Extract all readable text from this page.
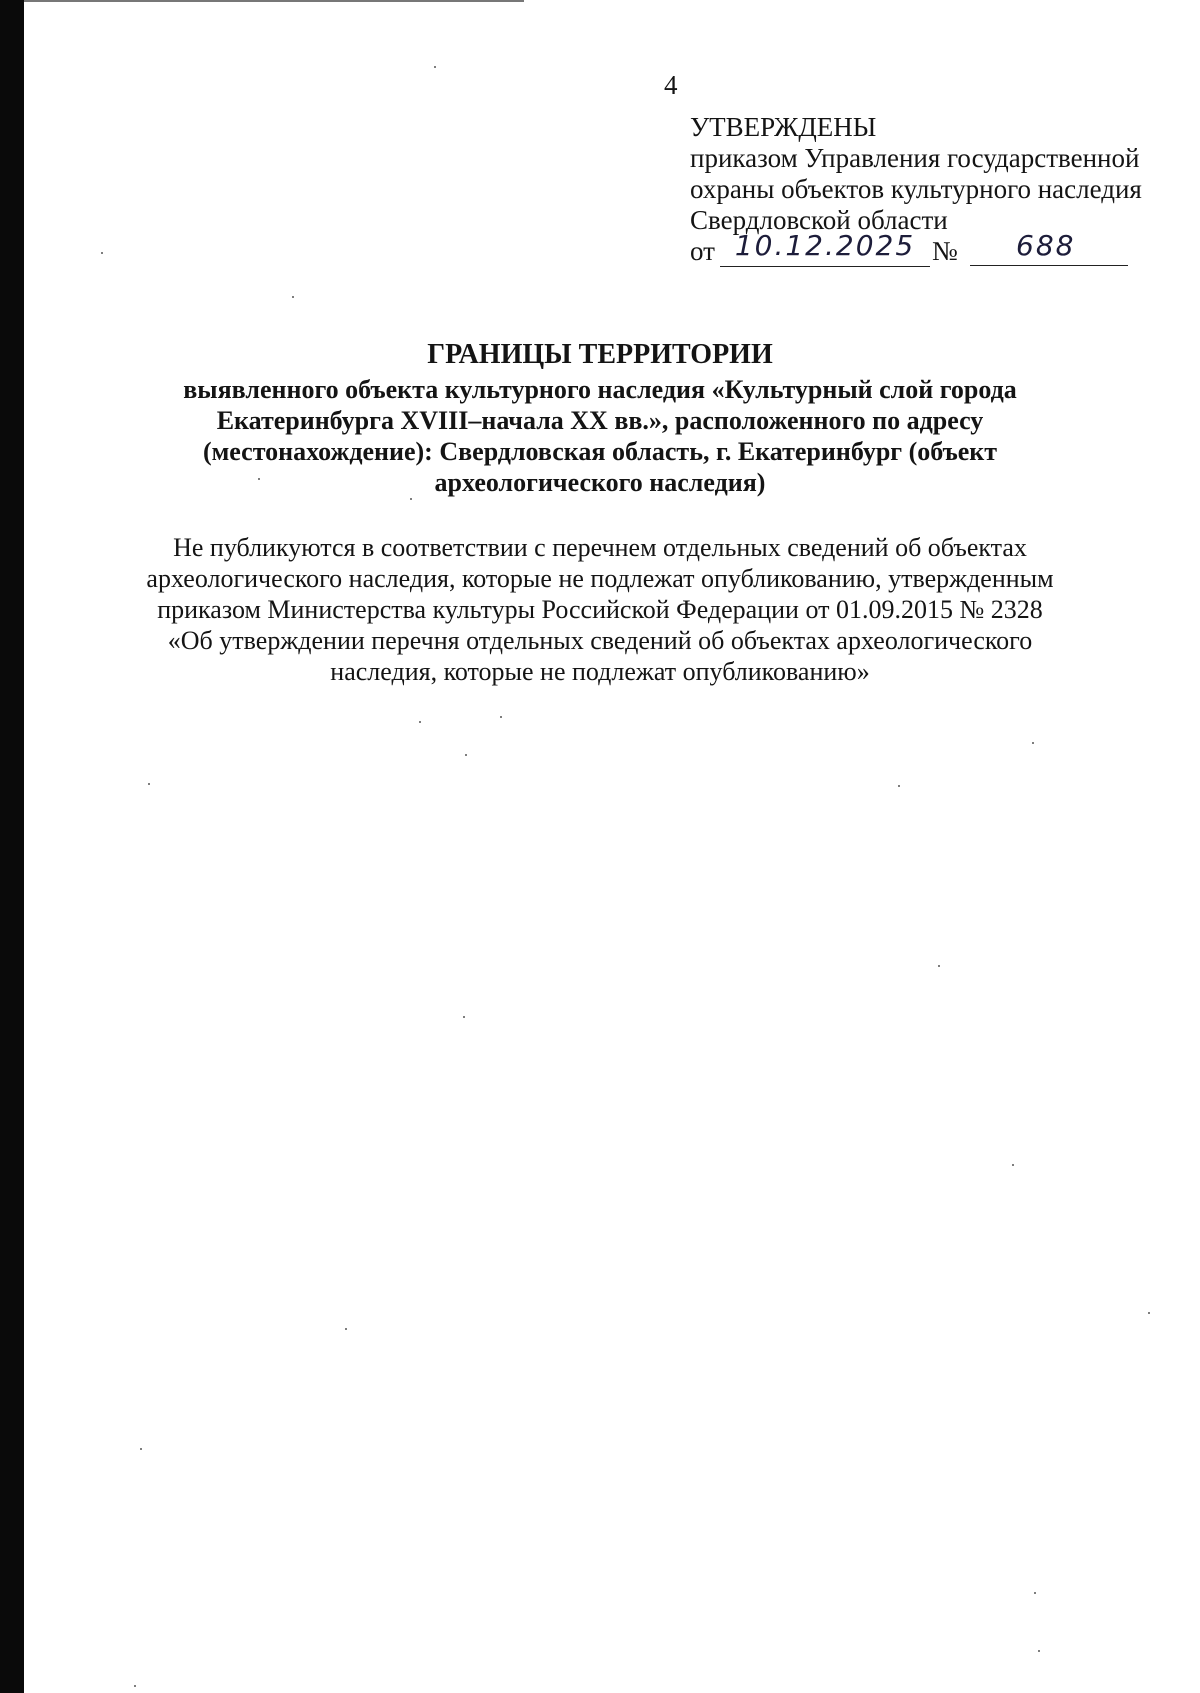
4
УТВЕРЖДЕНЫ
приказом Управления государственной
охраны объектов культурного наследия
Свердловской области
от 10.12.2025 №	688
ГРАНИЦЫ ТЕРРИТОРИИ
выявленного объекта культурного наследия «Культурный слой города
Екатеринбурга XVIII–начала XX вв.», расположенного по адресу
(местонахождение): Свердловская область, г. Екатеринбург (объект
археологического наследия)
Не публикуются в соответствии с перечнем отдельных сведений об объектах
археологического наследия, которые не подлежат опубликованию, утвержденным
приказом Министерства культуры Российской Федерации от 01.09.2015 № 2328
«Об утверждении перечня отдельных сведений об объектах археологического
наследия, которые не подлежат опубликованию»
